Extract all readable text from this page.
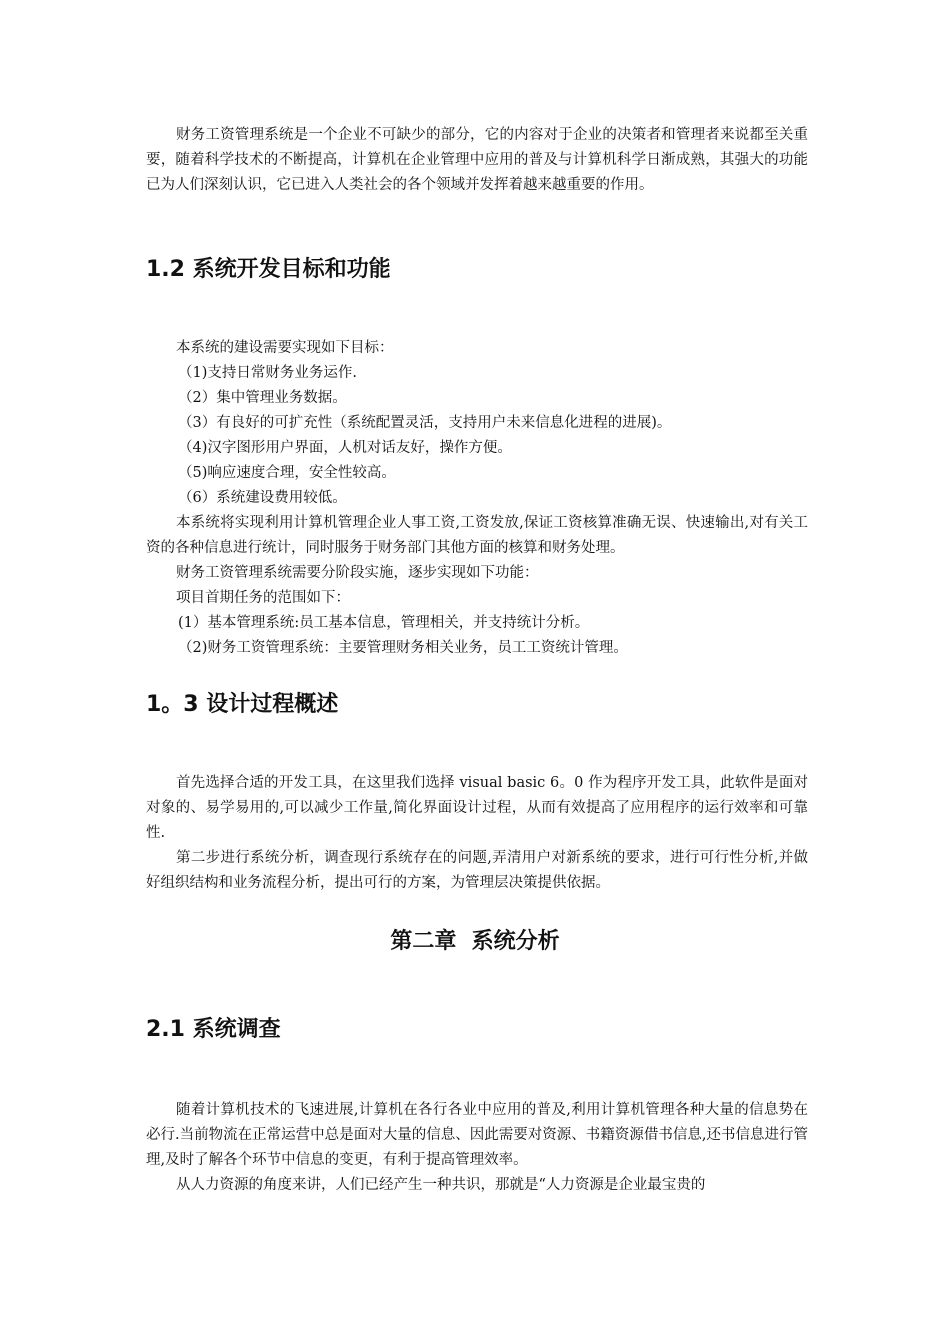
财务工资管理系统是一个企业不可缺少的部分，它的内容对于企业的决策者和管理者来说都至关重要，随着科学技术的不断提高，计算机在企业管理中应用的普及与计算机科学日渐成熟，其强大的功能已为人们深刻认识，它已进入人类社会的各个领域并发挥着越来越重要的作用。

1.2 系统开发目标和功能

本系统的建设需要实现如下目标：

（1)支持日常财务业务运作.

（2）集中管理业务数据。

（3）有良好的可扩充性（系统配置灵活，支持用户未来信息化进程的进展)。

（4)汉字图形用户界面，人机对话友好，操作方便。

（5)响应速度合理，安全性较高。

（6）系统建设费用较低。

本系统将实现利用计算机管理企业人事工资,工资发放,保证工资核算准确无误、快速输出,对有关工资的各种信息进行统计，同时服务于财务部门其他方面的核算和财务处理。

财务工资管理系统需要分阶段实施，逐步实现如下功能：

项目首期任务的范围如下：

(1）基本管理系统:员工基本信息，管理相关，并支持统计分析。

（2)财务工资管理系统：主要管理财务相关业务，员工工资统计管理。

1。3 设计过程概述

首先选择合适的开发工具，在这里我们选择 visual basic 6。0 作为程序开发工具，此软件是面对对象的、易学易用的,可以减少工作量,简化界面设计过程，从而有效提高了应用程序的运行效率和可靠性.

第二步进行系统分析，调查现行系统存在的问题,弄清用户对新系统的要求，进行可行性分析,并做好组织结构和业务流程分析，提出可行的方案，为管理层决策提供依据。

第二章  系统分析
2.1 系统调查

随着计算机技术的飞速进展,计算机在各行各业中应用的普及,利用计算机管理各种大量的信息势在必行.当前物流在正常运营中总是面对大量的信息、因此需要对资源、书籍资源借书信息,还书信息进行管理,及时了解各个环节中信息的变更，有利于提高管理效率。

从人力资源的角度来讲，人们已经产生一种共识，那就是“人力资源是企业最宝贵的
